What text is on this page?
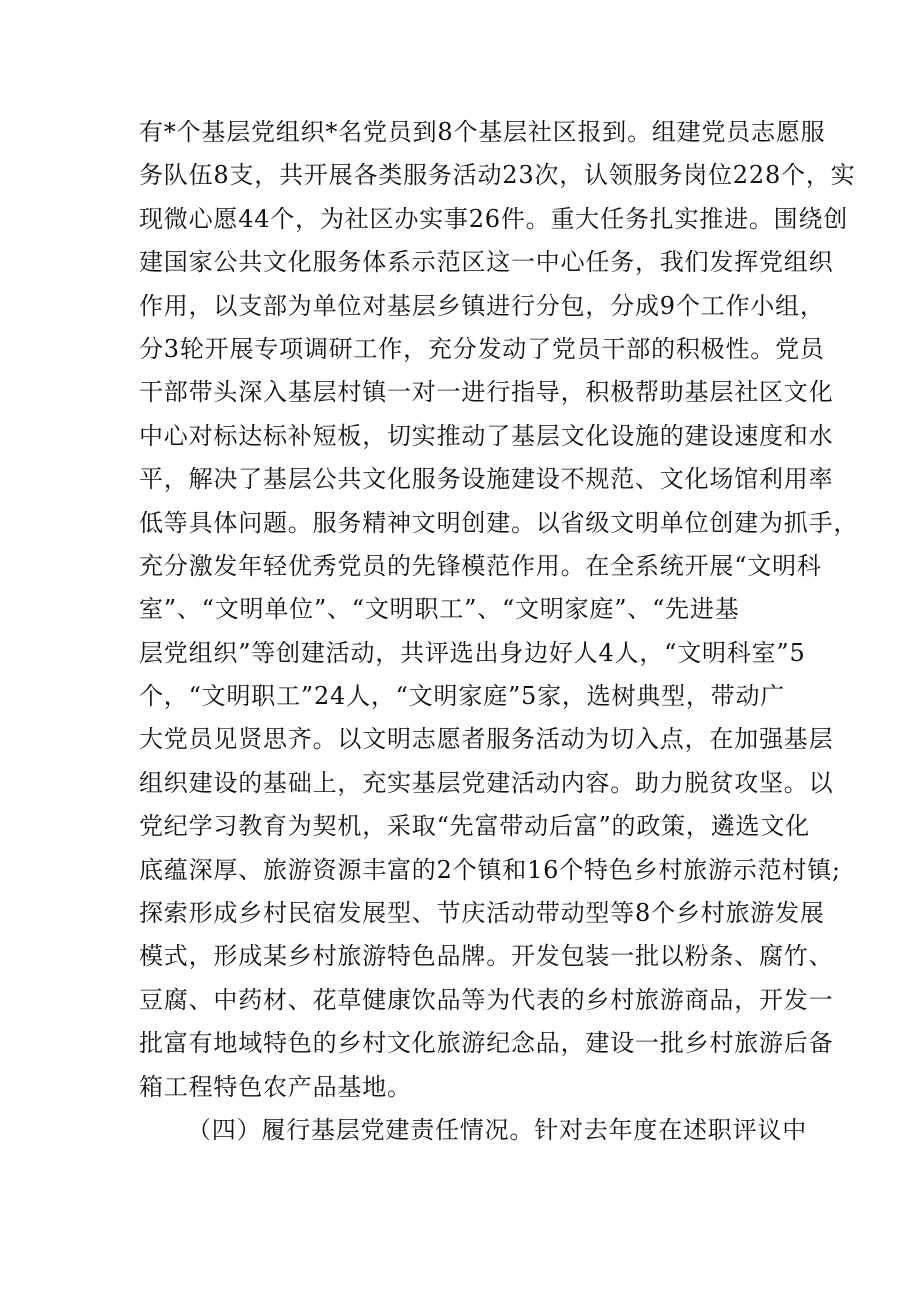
有*个基层党组织*名党员到8个基层社区报到。组建党员志愿服
务队伍8支，共开展各类服务活动23次，认领服务岗位228个，实
现微心愿44个，为社区办实事26件。重大任务扎实推进。围绕创
建国家公共文化服务体系示范区这一中心任务，我们发挥党组织
作用，以支部为单位对基层乡镇进行分包，分成9个工作小组，
分3轮开展专项调研工作，充分发动了党员干部的积极性。党员
干部带头深入基层村镇一对一进行指导，积极帮助基层社区文化
中心对标达标补短板，切实推动了基层文化设施的建设速度和水
平，解决了基层公共文化服务设施建设不规范、文化场馆利用率
低等具体问题。服务精神文明创建。以省级文明单位创建为抓手，
充分激发年轻优秀党员的先锋模范作用。在全系统开展“文明科
室”、“文明单位”、“文明职工”、“文明家庭”、“先进基
层党组织”等创建活动，共评选出身边好人4人，“文明科室”5
个，“文明职工”24人，“文明家庭”5家，选树典型，带动广
大党员见贤思齐。以文明志愿者服务活动为切入点，在加强基层
组织建设的基础上，充实基层党建活动内容。助力脱贫攻坚。以
党纪学习教育为契机，采取“先富带动后富”的政策，遴选文化
底蕴深厚、旅游资源丰富的2个镇和16个特色乡村旅游示范村镇;
探索形成乡村民宿发展型、节庆活动带动型等8个乡村旅游发展
模式，形成某乡村旅游特色品牌。开发包装一批以粉条、腐竹、
豆腐、中药材、花草健康饮品等为代表的乡村旅游商品，开发一
批富有地域特色的乡村文化旅游纪念品，建设一批乡村旅游后备
箱工程特色农产品基地。
（四）履行基层党建责任情况。针对去年度在述职评议中
